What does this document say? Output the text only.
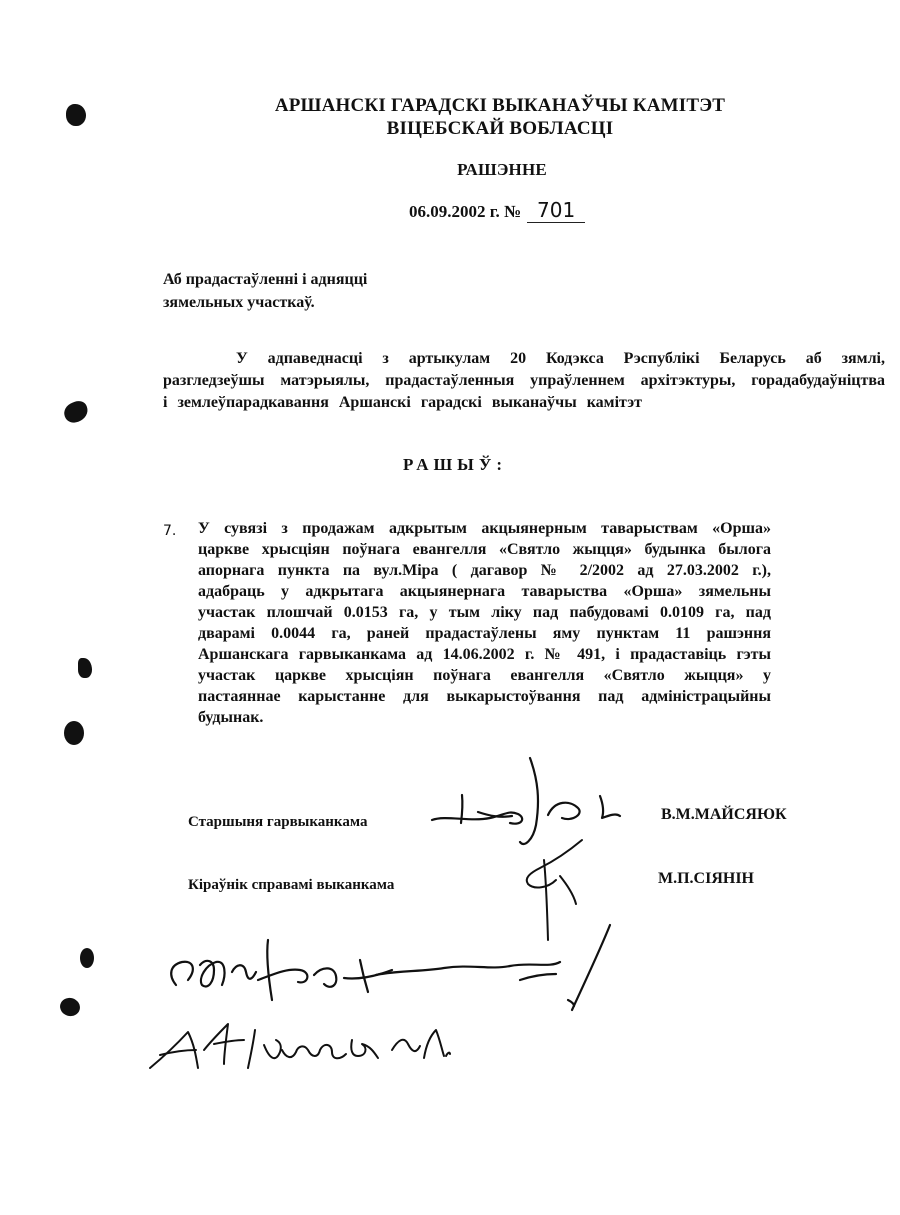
АРШАНСКІ ГАРАДСКІ ВЫКАНАЎЧЫ КАМІТЭТ
ВІЦЕБСКАЙ ВОБЛАСЦІ
РАШЭННЕ
06.09.2002 г. № 701
Аб прадастаўленні і адняцці
зямельных участкаў.
У адпаведнасці з артыкулам 20 Кодэкса Рэспублікі Беларусь аб зямлі,
разгледзеўшы матэрыялы, прадастаўленныя упраўленнем архітэктуры, горадабудаўніцтва
і землеўпарадкавання Аршанскі гарадскі выканаўчы камітэт
РАШЫЎ:
7. У сувязі з продажам адкрытым акцыянерным таварыствам «Орша»
царкве хрысціян поўнага евангелля «Святло жыцця» будынка былога
апорнага пункта па вул.Міра ( дагавор № 2/2002 ад 27.03.2002 г.),
адабраць у адкрытага акцыянернага таварыства «Орша» зямельны
участак плошчай 0.0153 га, у тым ліку пад пабудовамі 0.0109 га, пад
дварамі 0.0044 га, раней прадастаўлены яму пунктам 11 рашэння
Аршанскага гарвыканкама ад 14.06.2002 г. № 491, і прадаставіць гэты
участак царкве хрысціян поўнага евангелля «Святло жыцця» у
пастаяннае карыстанне для выкарыстоўвання пад адміністрацыйны
будынак.
Старшыня гарвыканкама	В.М.МАЙСЯЮК
Кіраўнік справамі выканкама	М.П.СІЯНІН
